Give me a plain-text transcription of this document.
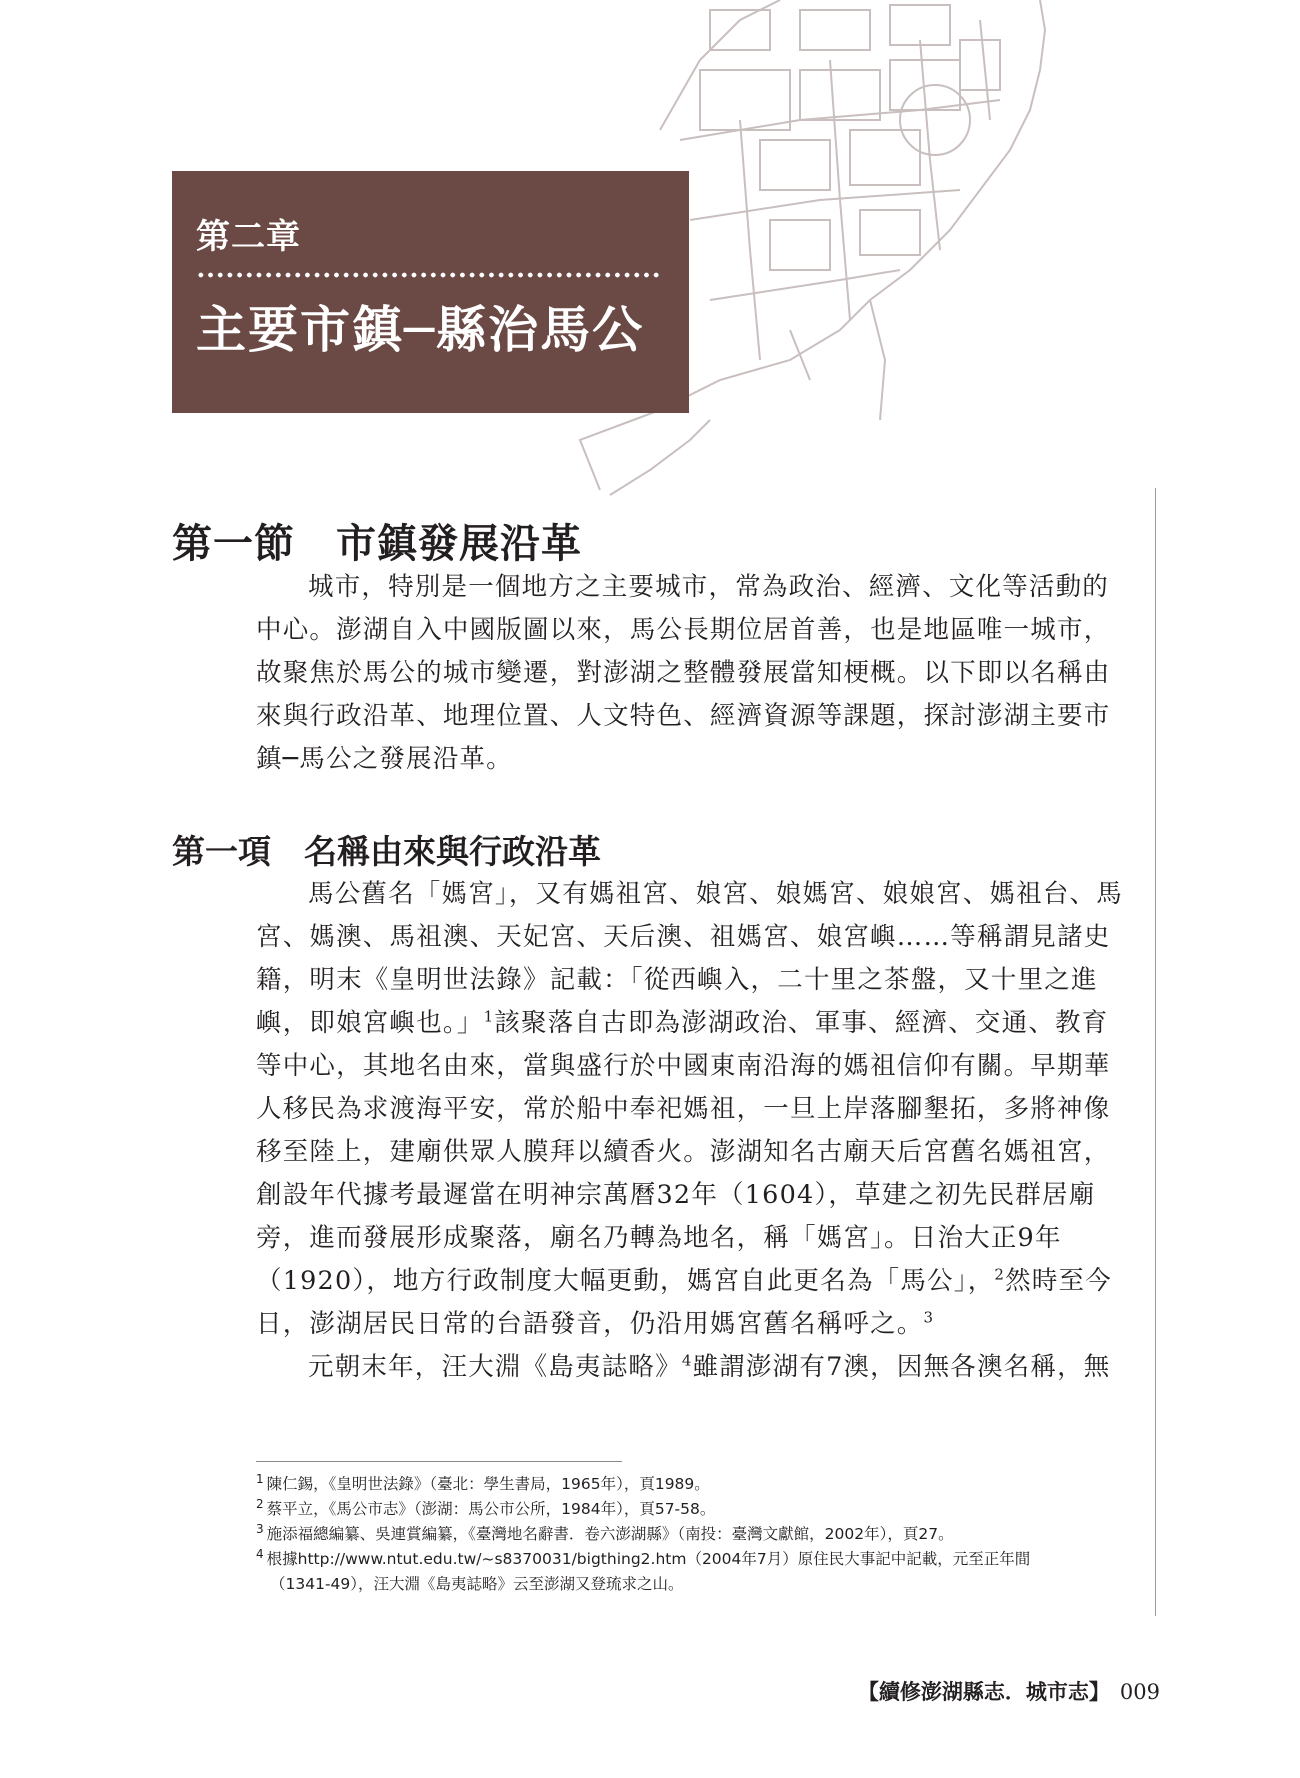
第二章
主要市鎮─縣治馬公
第一節　市鎮發展沿革
城市，特別是一個地方之主要城市，常為政治、經濟、文化等活動的中心。澎湖自入中國版圖以來，馬公長期位居首善，也是地區唯一城市，故聚焦於馬公的城市變遷，對澎湖之整體發展當知梗概。以下即以名稱由來與行政沿革、地理位置、人文特色、經濟資源等課題，探討澎湖主要市鎮─馬公之發展沿革。
第一項　名稱由來與行政沿革
馬公舊名「媽宮」，又有媽祖宮、娘宮、娘媽宮、娘娘宮、媽祖台、馬宮、媽澳、馬祖澳、天妃宮、天后澳、祖媽宮、娘宮嶼……等稱謂見諸史籍，明末《皇明世法錄》記載：「從西嶼入，二十里之茶盤，又十里之進嶼，即娘宮嶼也。」$^1$該聚落自古即為澎湖政治、軍事、經濟、交通、教育等中心，其地名由來，當與盛行於中國東南沿海的媽祖信仰有關。早期華人移民為求渡海平安，常於船中奉祀媽祖，一旦上岸落腳墾拓，多將神像移至陸上，建廟供眾人膜拜以續香火。澎湖知名古廟天后宮舊名媽祖宮，創設年代據考最遲當在明神宗萬曆32年（1604），草建之初先民群居廟旁，進而發展形成聚落，廟名乃轉為地名，稱「媽宮」。日治大正9年（1920），地方行政制度大幅更動，媽宮自此更名為「馬公」，$^2$然時至今日，澎湖居民日常的台語發音，仍沿用媽宮舊名稱呼之。$^3$
元朝末年，汪大淵《島夷誌略》$^4$雖謂澎湖有7澳，因無各澳名稱，無
$^1$ 陳仁錫，《皇明世法錄》（臺北：學生書局，1965年），頁1989。
$^2$ 蔡平立，《馬公市志》（澎湖：馬公市公所，1984年），頁57-58。
$^3$ 施添福總編纂、吳連賞編纂，《臺灣地名辭書．卷六澎湖縣》（南投：臺灣文獻館，2002年），頁27。
$^4$ 根據http://www.ntut.edu.tw/~s8370031/bigthing2.htm（2004年7月）原住民大事記中記載，元至正年間
（1341-49），汪大淵《島夷誌略》云至澎湖又登琉求之山。
【續修澎湖縣志．城市志】 009
